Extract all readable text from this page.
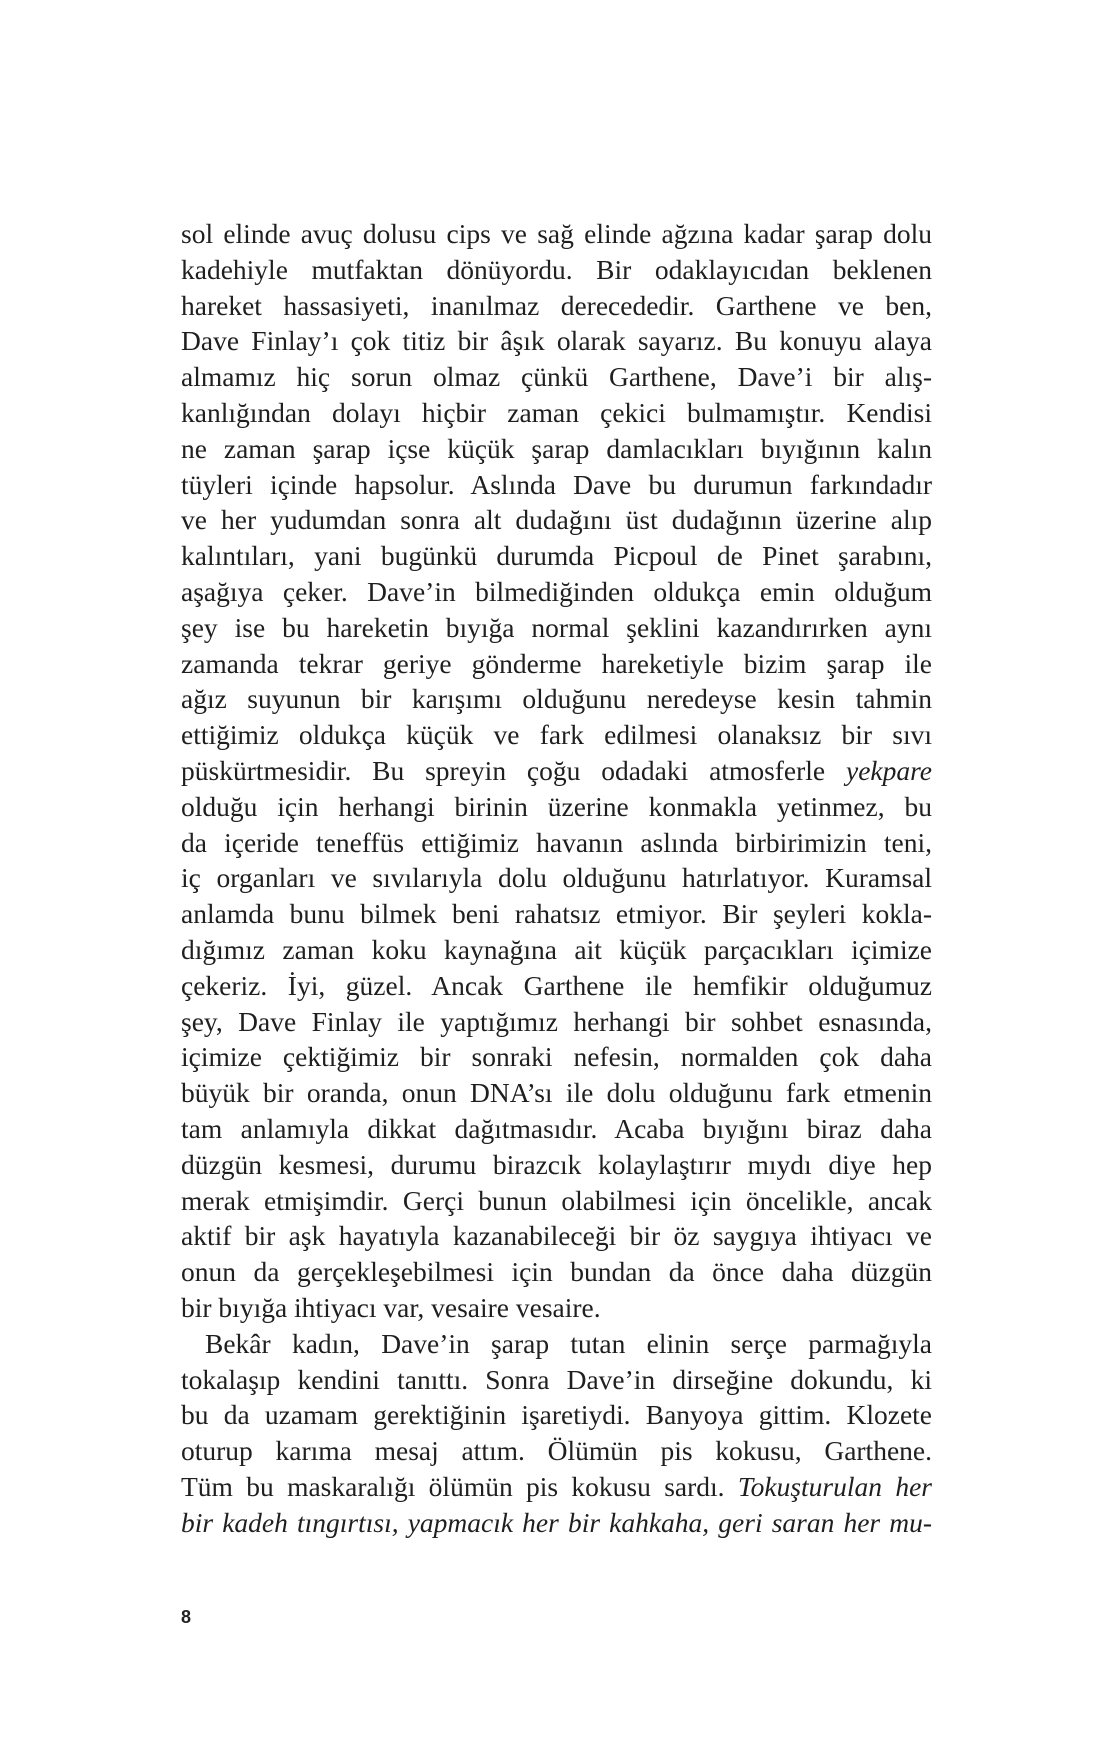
sol elinde avuç dolusu cips ve sağ elinde ağzına kadar şarap dolu
kadehiyle mutfaktan dönüyordu. Bir odaklayıcıdan beklenen
hareket hassasiyeti, inanılmaz derecededir. Garthene ve ben,
Dave Finlay’ı çok titiz bir âşık olarak sayarız. Bu konuyu alaya
almamız hiç sorun olmaz çünkü Garthene, Dave’i bir alış-
kanlığından dolayı hiçbir zaman çekici bulmamıştır. Kendisi
ne zaman şarap içse küçük şarap damlacıkları bıyığının kalın
tüyleri içinde hapsolur. Aslında Dave bu durumun farkındadır
ve her yudumdan sonra alt dudağını üst dudağının üzerine alıp
kalıntıları, yani bugünkü durumda Picpoul de Pinet şarabını,
aşağıya çeker. Dave’in bilmediğinden oldukça emin olduğum
şey ise bu hareketin bıyığa normal şeklini kazandırırken aynı
zamanda tekrar geriye gönderme hareketiyle bizim şarap ile
ağız suyunun bir karışımı olduğunu neredeyse kesin tahmin
ettiğimiz oldukça küçük ve fark edilmesi olanaksız bir sıvı
püskürtmesidir. Bu spreyin çoğu odadaki atmosferle yekpare
olduğu için herhangi birinin üzerine konmakla yetinmez, bu
da içeride teneffüs ettiğimiz havanın aslında birbirimizin teni,
iç organları ve sıvılarıyla dolu olduğunu hatırlatıyor. Kuramsal
anlamda bunu bilmek beni rahatsız etmiyor. Bir şeyleri kokla-
dığımız zaman koku kaynağına ait küçük parçacıkları içimize
çekeriz. İyi, güzel. Ancak Garthene ile hemfikir olduğumuz
şey, Dave Finlay ile yaptığımız herhangi bir sohbet esnasında,
içimize çektiğimiz bir sonraki nefesin, normalden çok daha
büyük bir oranda, onun DNA’sı ile dolu olduğunu fark etmenin
tam anlamıyla dikkat dağıtmasıdır. Acaba bıyığını biraz daha
düzgün kesmesi, durumu birazcık kolaylaştırır mıydı diye hep
merak etmişimdir. Gerçi bunun olabilmesi için öncelikle, ancak
aktif bir aşk hayatıyla kazanabileceği bir öz saygıya ihtiyacı ve
onun da gerçekleşebilmesi için bundan da önce daha düzgün
bir bıyığa ihtiyacı var, vesaire vesaire.
Bekâr kadın, Dave’in şarap tutan elinin serçe parmağıyla
tokalaşıp kendini tanıttı. Sonra Dave’in dirseğine dokundu, ki
bu da uzamam gerektiğinin işaretiydi. Banyoya gittim. Klozete
oturup karıma mesaj attım. Ölümün pis kokusu, Garthene.
Tüm bu maskaralığı ölümün pis kokusu sardı. Tokuşturulan her
bir kadeh tıngırtısı, yapmacık her bir kahkaha, geri saran her mu-
8
